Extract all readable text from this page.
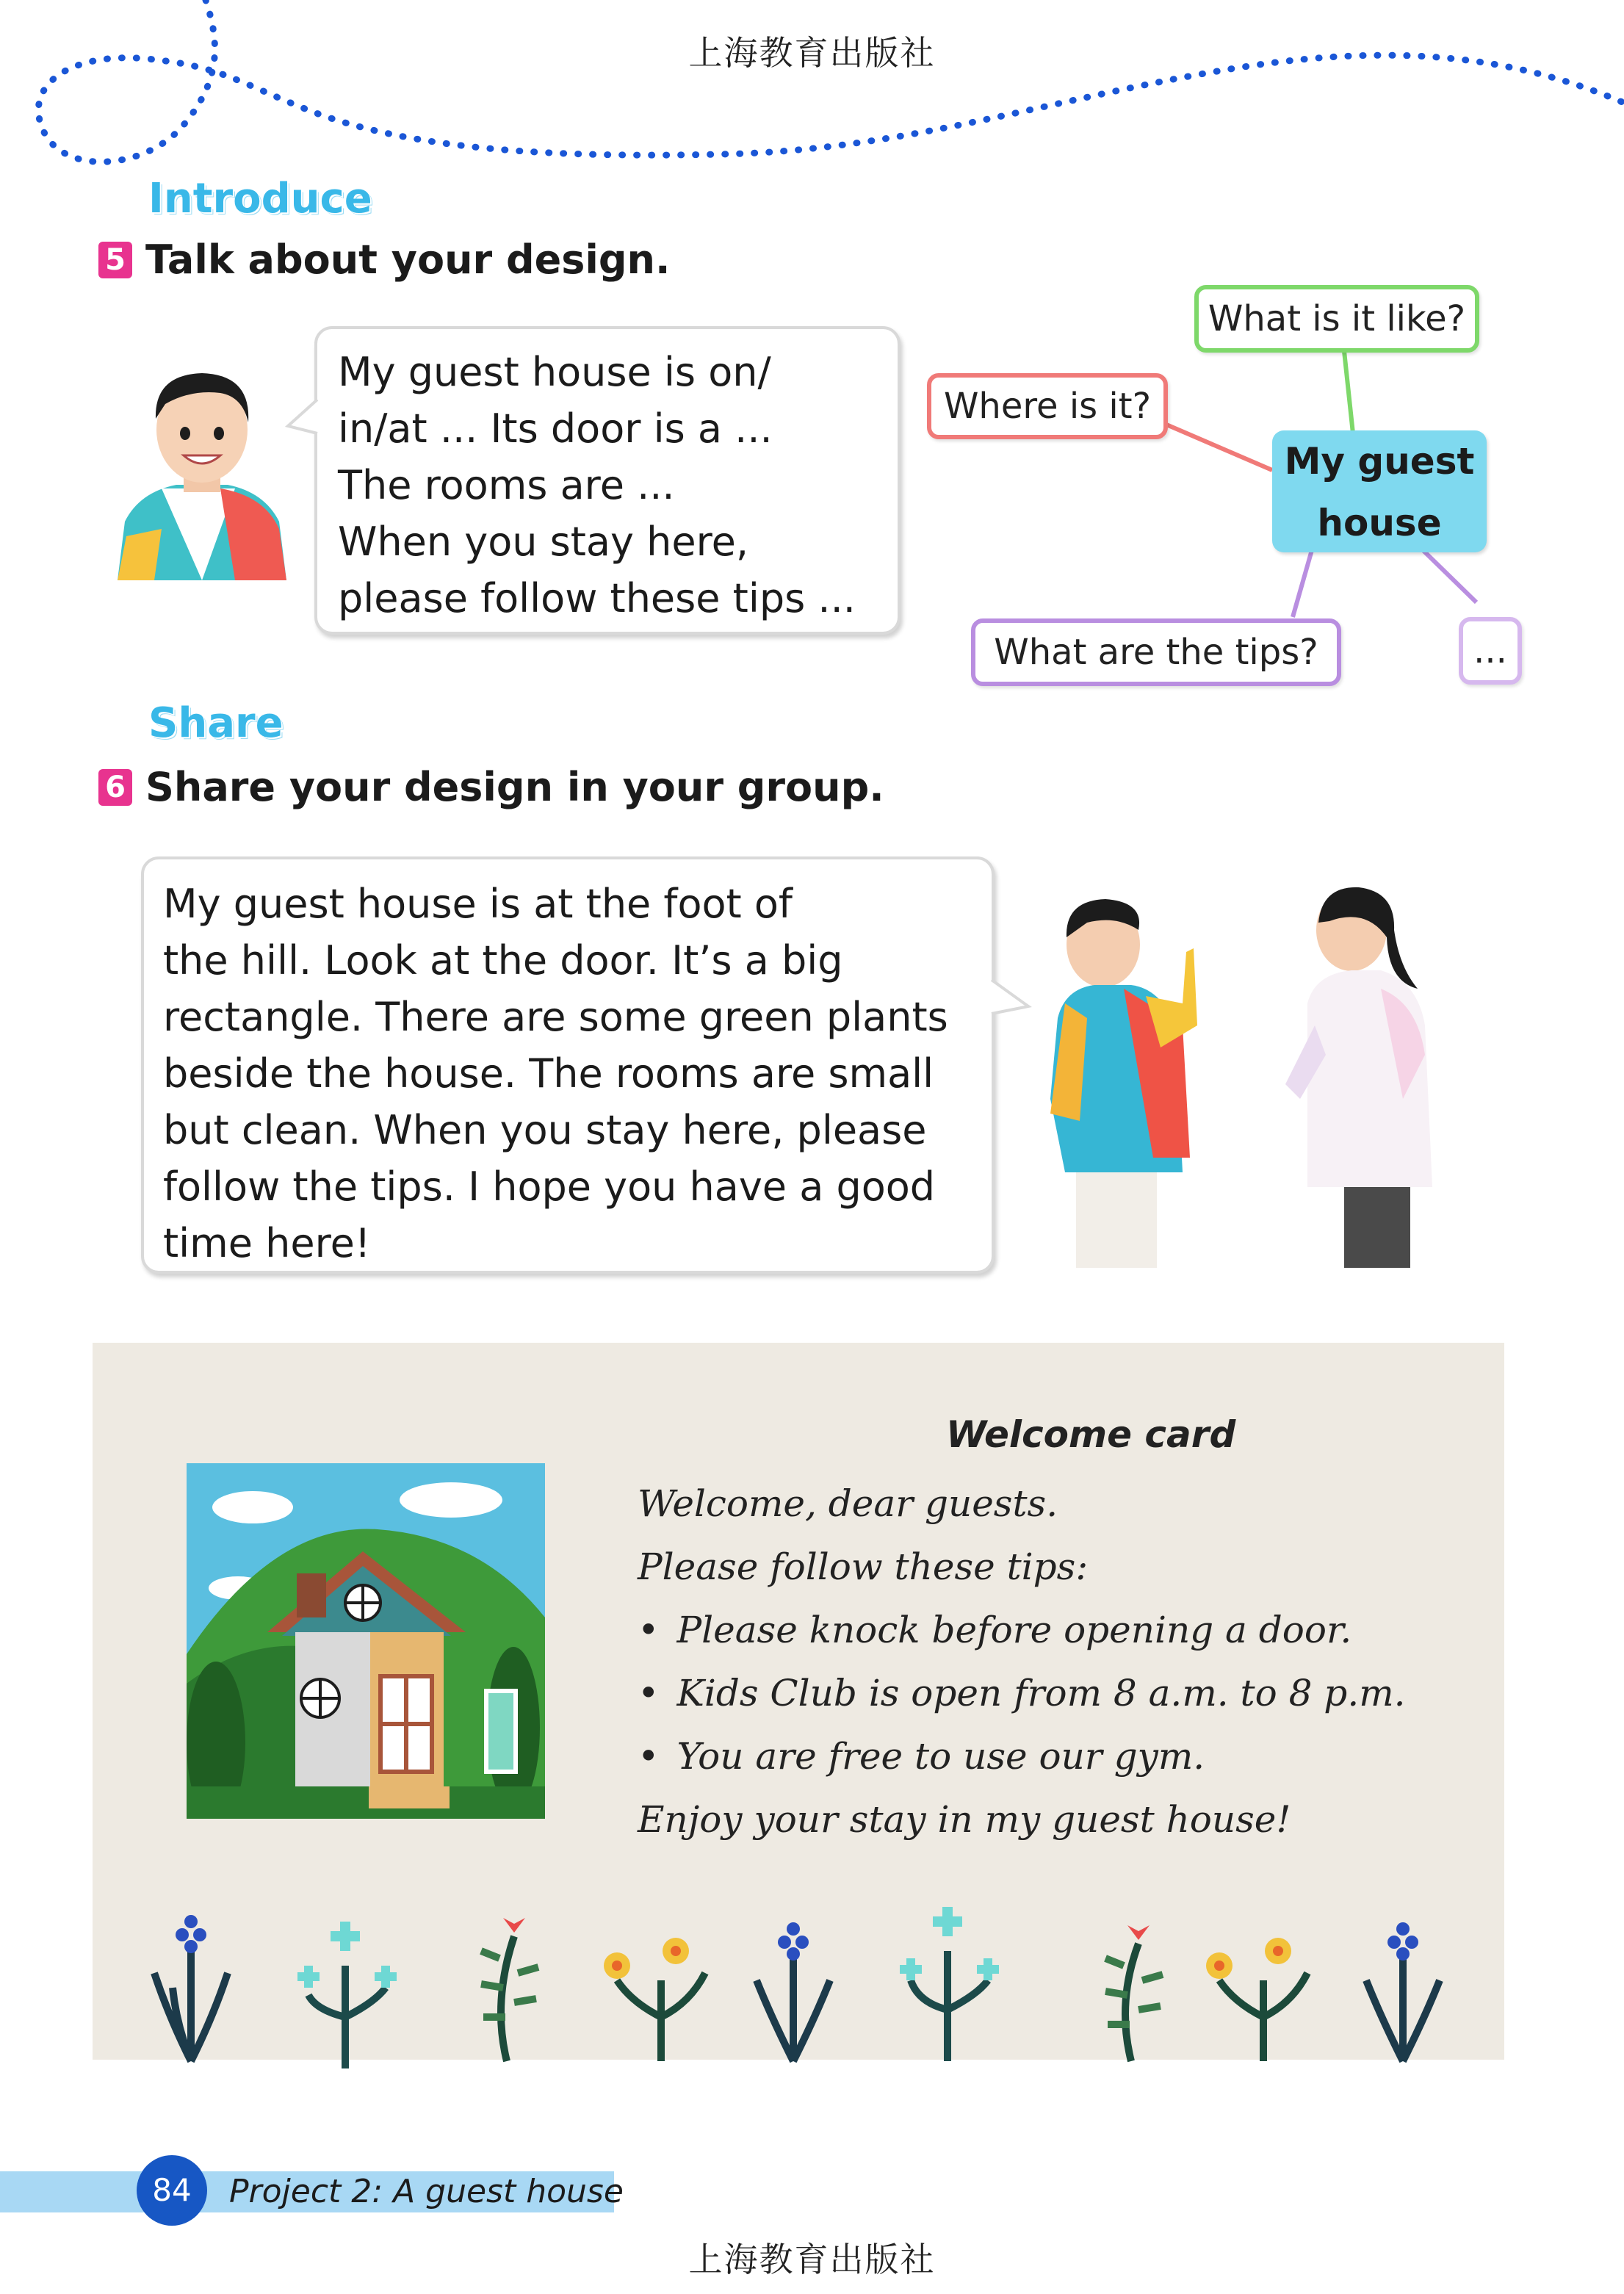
上海教育出版社
Introduce
5 Talk about your design.
My guest house is on/
in/at ... Its door is a ...
The rooms are ...
When you stay here,
please follow these tips ...
What is it like?
Where is it?
My guest
house
What are the tips?	...
Share
6 Share your design in your group.
My guest house is at the foot of
the hill. Look at the door. It’s a big
rectangle. There are some green plants
beside the house. The rooms are small
but clean. When you stay here, please
follow the tips. I hope you have a good
time here!
Welcome card
Welcome, dear guests.
Please follow these tips:
• Please knock before opening a door.
• Kids Club is open from 8 a.m. to 8 p.m.
• You are free to use our gym.
Enjoy your stay in my guest house!
84	Project 2: A guest house
上海教育出版社
